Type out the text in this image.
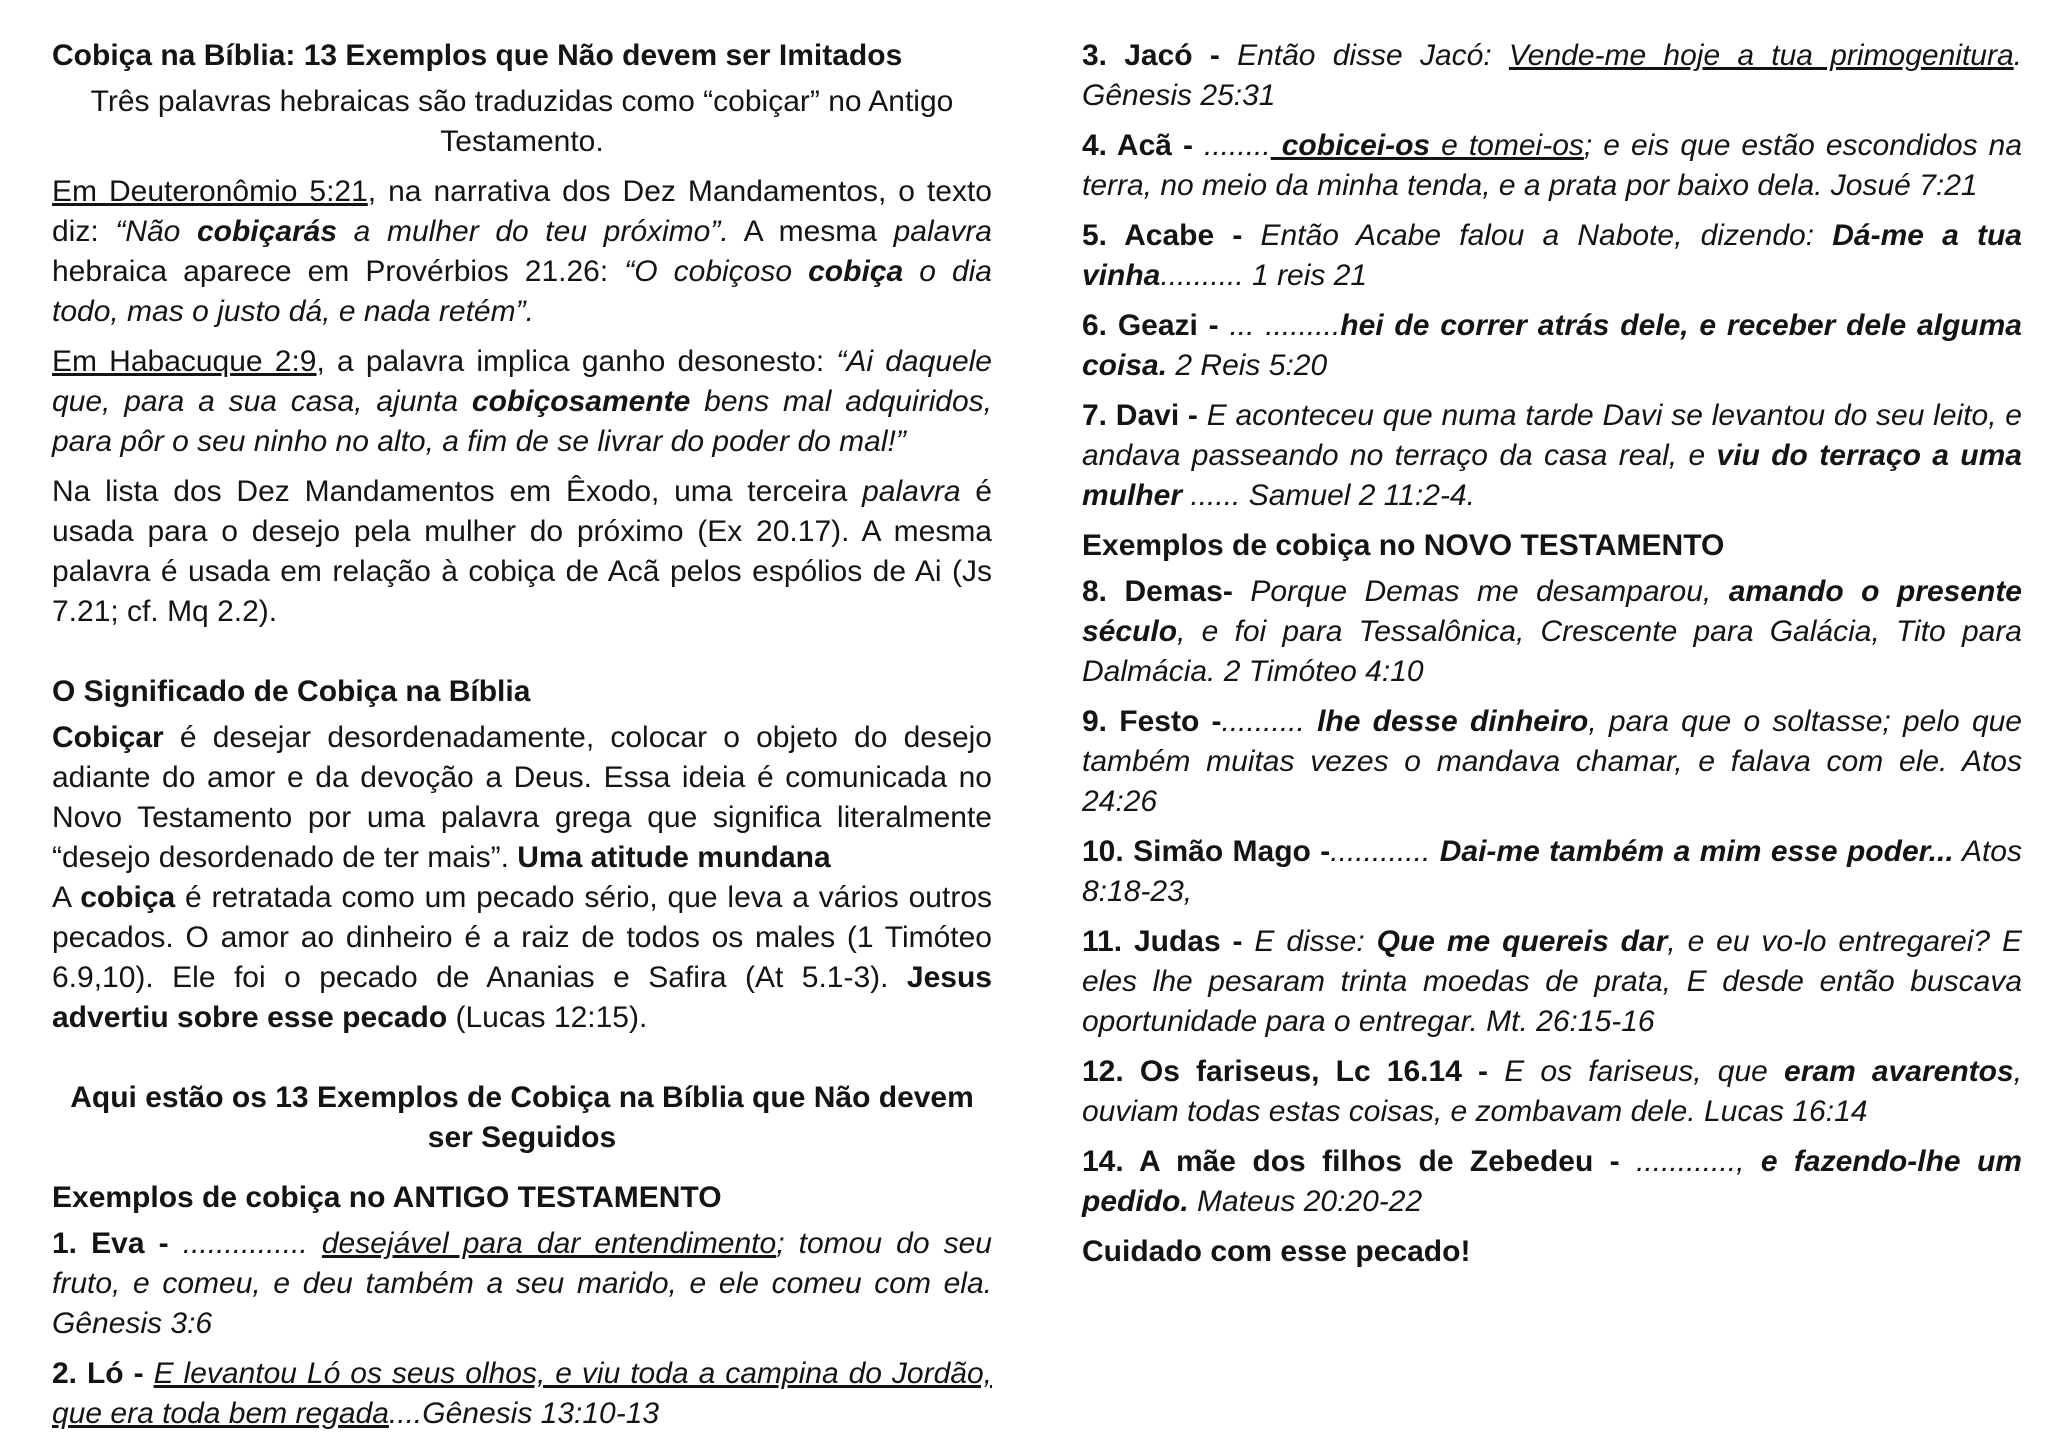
Cobiça na Bíblia: 13 Exemplos que Não devem ser Imitados

Três palavras hebraicas são traduzidas como “cobiçar” no Antigo Testamento.

Em Deuteronômio 5:21, na narrativa dos Dez Mandamentos, o texto diz: “Não cobiçarás a mulher do teu próximo”. A mesma palavra hebraica aparece em Provérbios 21.26: “O cobiçoso cobiça o dia todo, mas o justo dá, e nada retém”.

Em Habacuque 2:9, a palavra implica ganho desonesto: “Ai daquele que, para a sua casa, ajunta cobiçosamente bens mal adquiridos, para pôr o seu ninho no alto, a fim de se livrar do poder do mal!”

Na lista dos Dez Mandamentos em Êxodo, uma terceira palavra é usada para o desejo pela mulher do próximo (Ex 20.17). A mesma palavra é usada em relação à cobiça de Acã pelos espólios de Ai (Js 7.21; cf. Mq 2.2).

O Significado de Cobiça na Bíblia

Cobiçar é desejar desordenadamente, colocar o objeto do desejo adiante do amor e da devoção a Deus. Essa ideia é comunicada no Novo Testamento por uma palavra grega que significa literalmente “desejo desordenado de ter mais”. Uma atitude mundana

A cobiça é retratada como um pecado sério, que leva a vários outros pecados. O amor ao dinheiro é a raiz de todos os males (1 Timóteo 6.9,10). Ele foi o pecado de Ananias e Safira (At 5.1-3). Jesus advertiu sobre esse pecado (Lucas 12:15).

Aqui estão os 13 Exemplos de Cobiça na Bíblia que Não devem ser Seguidos

Exemplos de cobiça no ANTIGO TESTAMENTO

1. Eva - ............... desejável para dar entendimento; tomou do seu fruto, e comeu, e deu também a seu marido, e ele comeu com ela. Gênesis 3:6

2. Ló - E levantou Ló os seus olhos, e viu toda a campina do Jordão, que era toda bem regada....Gênesis 13:10-13

3. Jacó - Então disse Jacó: Vende-me hoje a tua primogenitura. Gênesis 25:31

4. Acã - ........ cobicei-os e tomei-os; e eis que estão escondidos na terra, no meio da minha tenda, e a prata por baixo dela. Josué 7:21

5. Acabe - Então Acabe falou a Nabote, dizendo: Dá-me a tua vinha.......... 1 reis 21

6. Geazi - ... .........hei de correr atrás dele, e receber dele alguma coisa. 2 Reis 5:20

7. Davi - E aconteceu que numa tarde Davi se levantou do seu leito, e andava passeando no terraço da casa real, e viu do terraço a uma mulher ...... Samuel 2 11:2-4.

Exemplos de cobiça no NOVO TESTAMENTO

8. Demas- Porque Demas me desamparou, amando o presente século, e foi para Tessalônica, Crescente para Galácia, Tito para Dalmácia. 2 Timóteo 4:10

9. Festo -.......... lhe desse dinheiro, para que o soltasse; pelo que também muitas vezes o mandava chamar, e falava com ele. Atos 24:26

10. Simão Mago -............ Dai-me também a mim esse poder... Atos 8:18-23,

11. Judas - E disse: Que me quereis dar, e eu vo-lo entregarei? E eles lhe pesaram trinta moedas de prata, E desde então buscava oportunidade para o entregar. Mt. 26:15-16

12. Os fariseus, Lc 16.14 - E os fariseus, que eram avarentos, ouviam todas estas coisas, e zombavam dele. Lucas 16:14

14. A mãe dos filhos de Zebedeu - ............, e fazendo-lhe um pedido. Mateus 20:20-22

Cuidado com esse pecado!
